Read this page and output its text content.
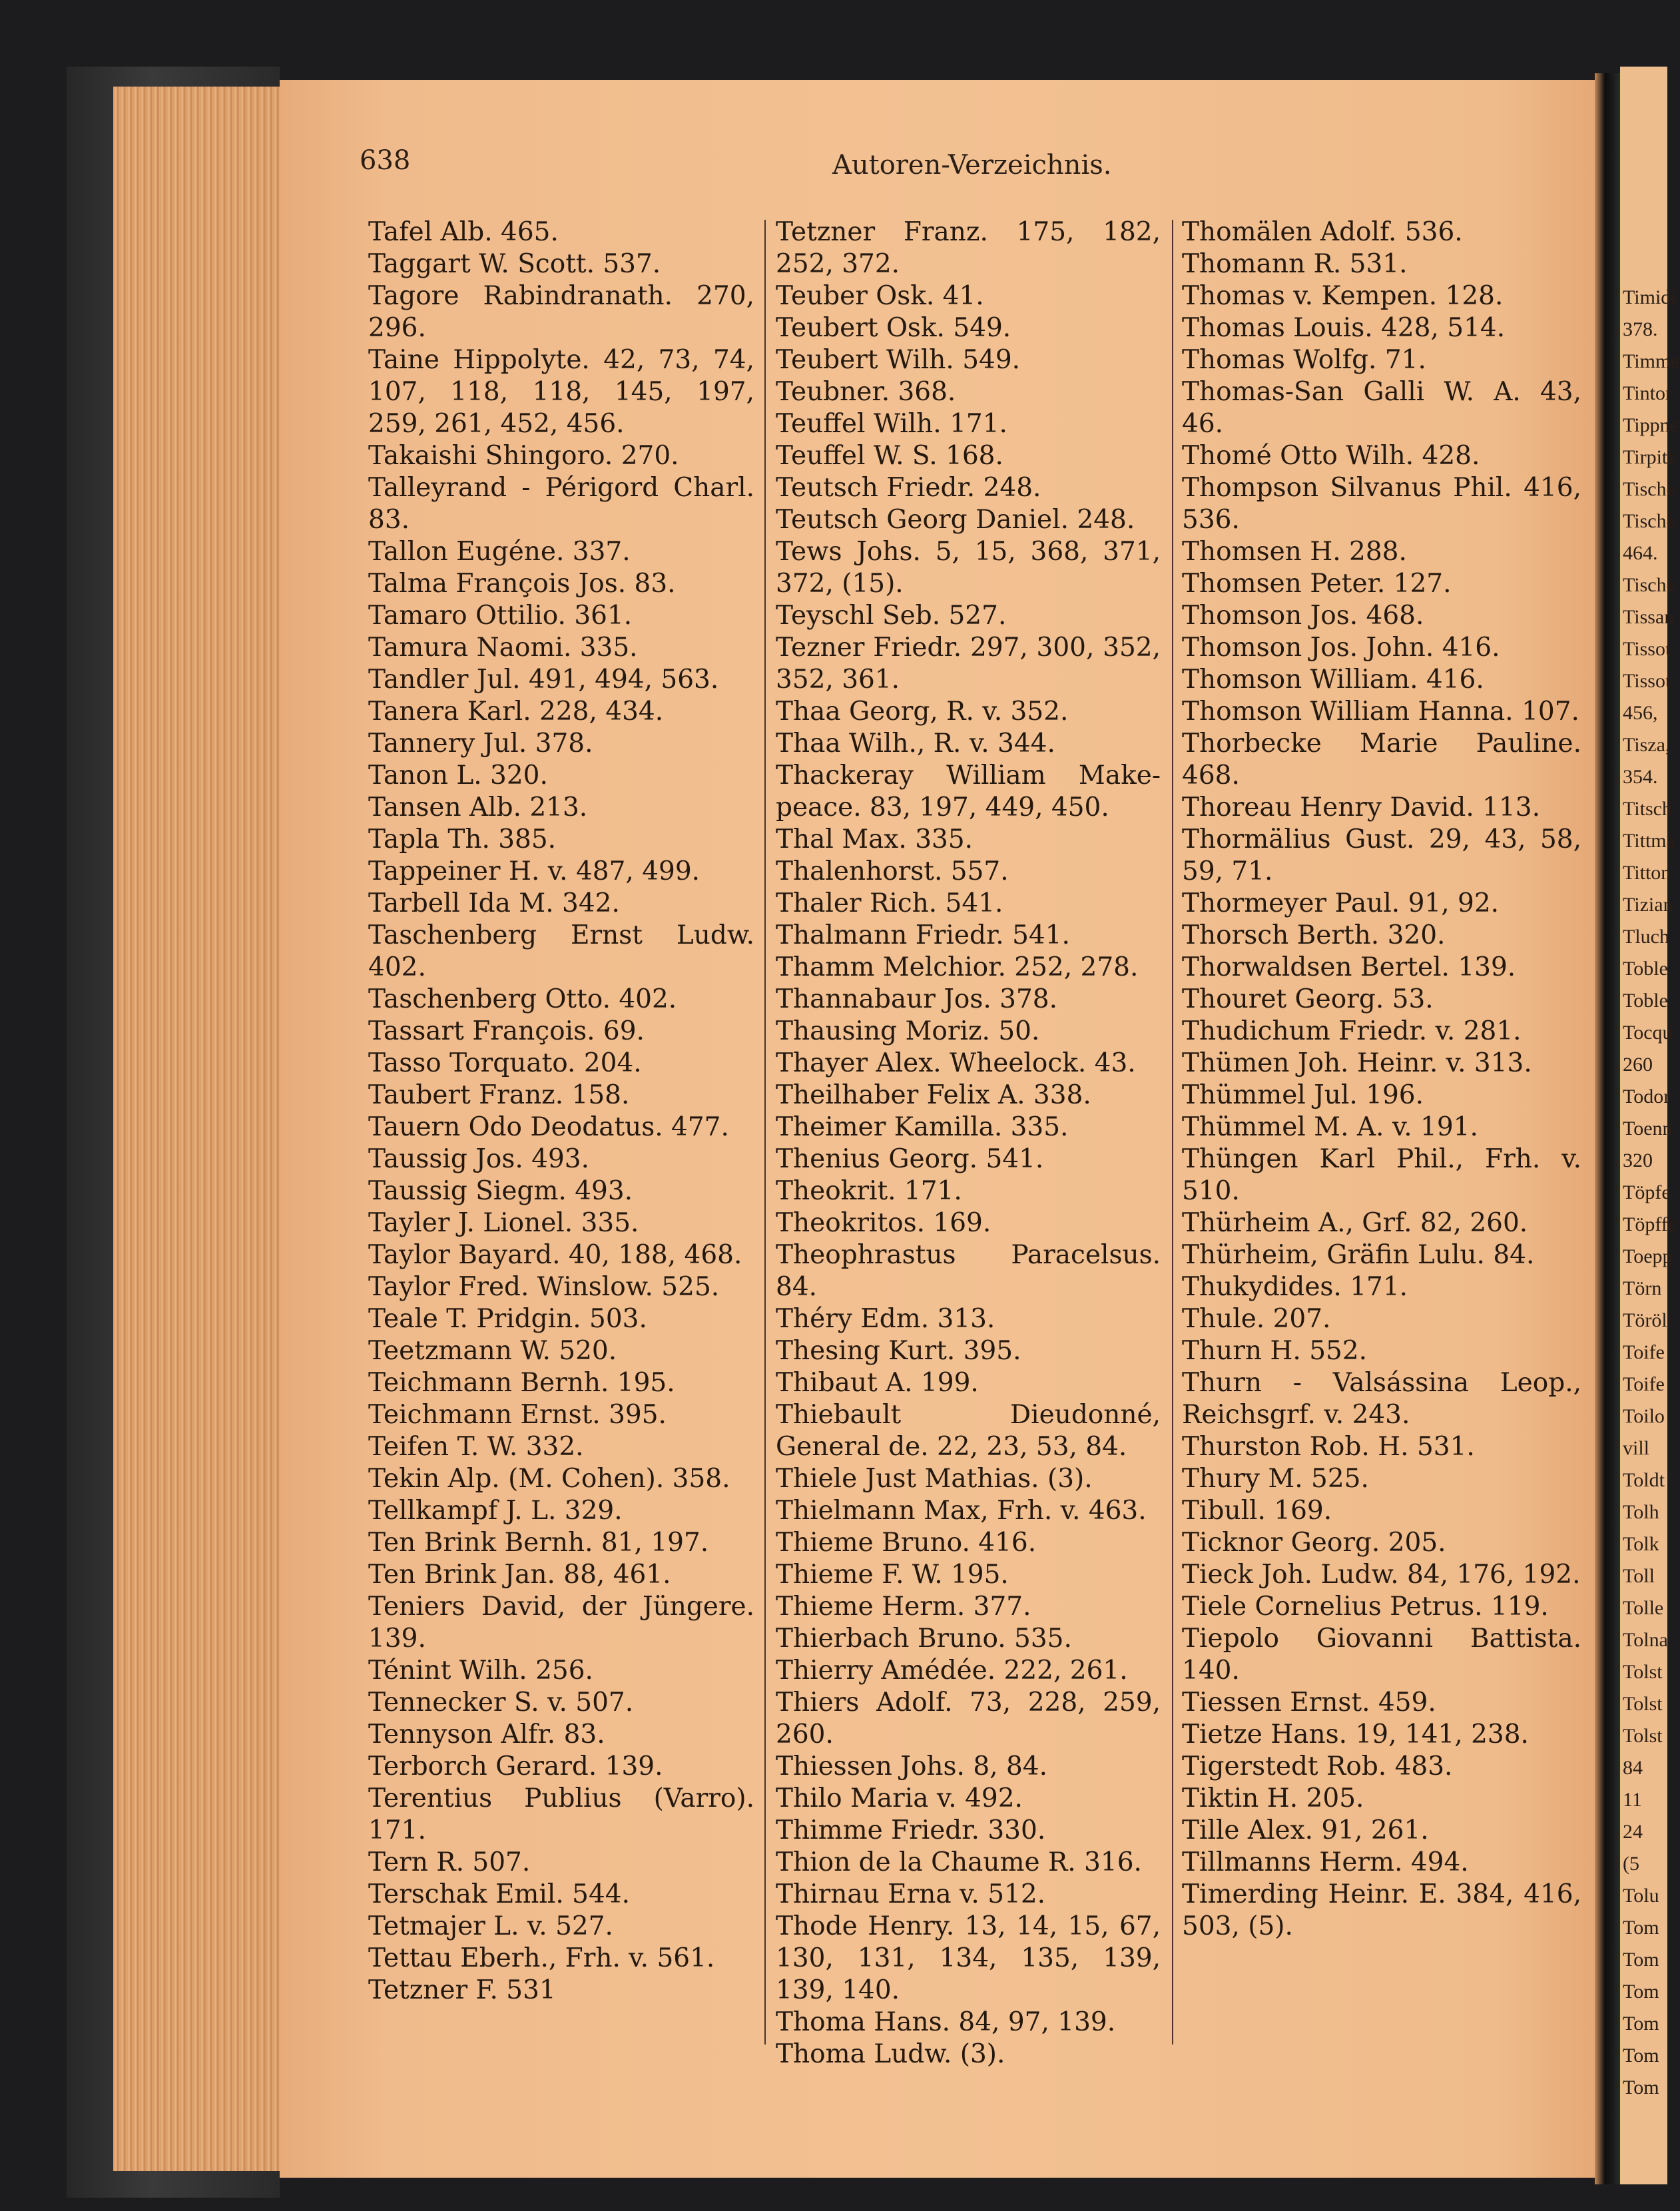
Timidi
378.
Timme
Tintor
Tippne
Tirpitz
Tische
Tische
464.
Tische
Tissan
Tissot
Tissot
456,
Tisza,
354.
Titsch
Tittma
Titton
Tizian
Tluch
Toble
Toble
Tocqu
260
Todor
Toenn
320
Töpfe
Töpffe
Toepp
Törn
Töröl
Toife
Toife
Toilo
vill
Toldt
Tolh
Tolk
Toll
Tolle
Tolna
Tolst
Tolst
Tolst
84
11
24
(5
Tolu
Tom
Tom
Tom
Tom
Tom
Tom
638	Autoren-Verzeichnis.
Tafel Alb. 465.
Taggart W. Scott. 537.
Tagore Rabindranath. 270, 296.
Taine Hippolyte. 42, 73, 74, 107, 118, 118, 145, 197, 259, 261, 452, 456.
Takaishi Shingoro. 270.
Talleyrand - Périgord Charl. 83.
Tallon Eugéne. 337.
Talma François Jos. 83.
Tamaro Ottilio. 361.
Tamura Naomi. 335.
Tandler Jul. 491, 494, 563.
Tanera Karl. 228, 434.
Tannery Jul. 378.
Tanon L. 320.
Tansen Alb. 213.
Tapla Th. 385.
Tappeiner H. v. 487, 499.
Tarbell Ida M. 342.
Taschenberg Ernst Ludw. 402.
Taschenberg Otto. 402.
Tassart François. 69.
Tasso Torquato. 204.
Taubert Franz. 158.
Tauern Odo Deodatus. 477.
Taussig Jos. 493.
Taussig Siegm. 493.
Tayler J. Lionel. 335.
Taylor Bayard. 40, 188, 468.
Taylor Fred. Winslow. 525.
Teale T. Pridgin. 503.
Teetzmann W. 520.
Teichmann Bernh. 195.
Teichmann Ernst. 395.
Teifen T. W. 332.
Tekin Alp. (M. Cohen). 358.
Tellkampf J. L. 329.
Ten Brink Bernh. 81, 197.
Ten Brink Jan. 88, 461.
Teniers David, der Jüngere. 139.
Ténint Wilh. 256.
Tennecker S. v. 507.
Tennyson Alfr. 83.
Terborch Gerard. 139.
Terentius Publius (Varro). 171.
Tern R. 507.
Terschak Emil. 544.
Tetmajer L. v. 527.
Tettau Eberh., Frh. v. 561.
Tetzner F. 531
Tetzner Franz. 175, 182, 252, 372.
Teuber Osk. 41.
Teubert Osk. 549.
Teubert Wilh. 549.
Teubner. 368.
Teuffel Wilh. 171.
Teuffel W. S. 168.
Teutsch Friedr. 248.
Teutsch Georg Daniel. 248.
Tews Johs. 5, 15, 368, 371, 372, (15).
Teyschl Seb. 527.
Tezner Friedr. 297, 300, 352, 352, 361.
Thaa Georg, R. v. 352.
Thaa Wilh., R. v. 344.
Thackeray William Make-peace. 83, 197, 449, 450.
Thal Max. 335.
Thalenhorst. 557.
Thaler Rich. 541.
Thalmann Friedr. 541.
Thamm Melchior. 252, 278.
Thannabaur Jos. 378.
Thausing Moriz. 50.
Thayer Alex. Wheelock. 43.
Theilhaber Felix A. 338.
Theimer Kamilla. 335.
Thenius Georg. 541.
Theokrit. 171.
Theokritos. 169.
Theophrastus Paracelsus. 84.
Théry Edm. 313.
Thesing Kurt. 395.
Thibaut A. 199.
Thiebault Dieudonné, General de. 22, 23, 53, 84.
Thiele Just Mathias. (3).
Thielmann Max, Frh. v. 463.
Thieme Bruno. 416.
Thieme F. W. 195.
Thieme Herm. 377.
Thierbach Bruno. 535.
Thierry Amédée. 222, 261.
Thiers Adolf. 73, 228, 259, 260.
Thiessen Johs. 8, 84.
Thilo Maria v. 492.
Thimme Friedr. 330.
Thion de la Chaume R. 316.
Thirnau Erna v. 512.
Thode Henry. 13, 14, 15, 67, 130, 131, 134, 135, 139, 139, 140.
Thoma Hans. 84, 97, 139.
Thoma Ludw. (3).
Thomälen Adolf. 536.
Thomann R. 531.
Thomas v. Kempen. 128.
Thomas Louis. 428, 514.
Thomas Wolfg. 71.
Thomas-San Galli W. A. 43, 46.
Thomé Otto Wilh. 428.
Thompson Silvanus Phil. 416, 536.
Thomsen H. 288.
Thomsen Peter. 127.
Thomson Jos. 468.
Thomson Jos. John. 416.
Thomson William. 416.
Thomson William Hanna. 107.
Thorbecke Marie Pauline. 468.
Thoreau Henry David. 113.
Thormälius Gust. 29, 43, 58, 59, 71.
Thormeyer Paul. 91, 92.
Thorsch Berth. 320.
Thorwaldsen Bertel. 139.
Thouret Georg. 53.
Thudichum Friedr. v. 281.
Thümen Joh. Heinr. v. 313.
Thümmel Jul. 196.
Thümmel M. A. v. 191.
Thüngen Karl Phil., Frh. v. 510.
Thürheim A., Grf. 82, 260.
Thürheim, Gräfin Lulu. 84.
Thukydides. 171.
Thule. 207.
Thurn H. 552.
Thurn - Valsássina Leop., Reichsgrf. v. 243.
Thurston Rob. H. 531.
Thury M. 525.
Tibull. 169.
Ticknor Georg. 205.
Tieck Joh. Ludw. 84, 176, 192.
Tiele Cornelius Petrus. 119.
Tiepolo Giovanni Battista. 140.
Tiessen Ernst. 459.
Tietze Hans. 19, 141, 238.
Tigerstedt Rob. 483.
Tiktin H. 205.
Tille Alex. 91, 261.
Tillmanns Herm. 494.
Timerding Heinr. E. 384, 416, 503, (5).
